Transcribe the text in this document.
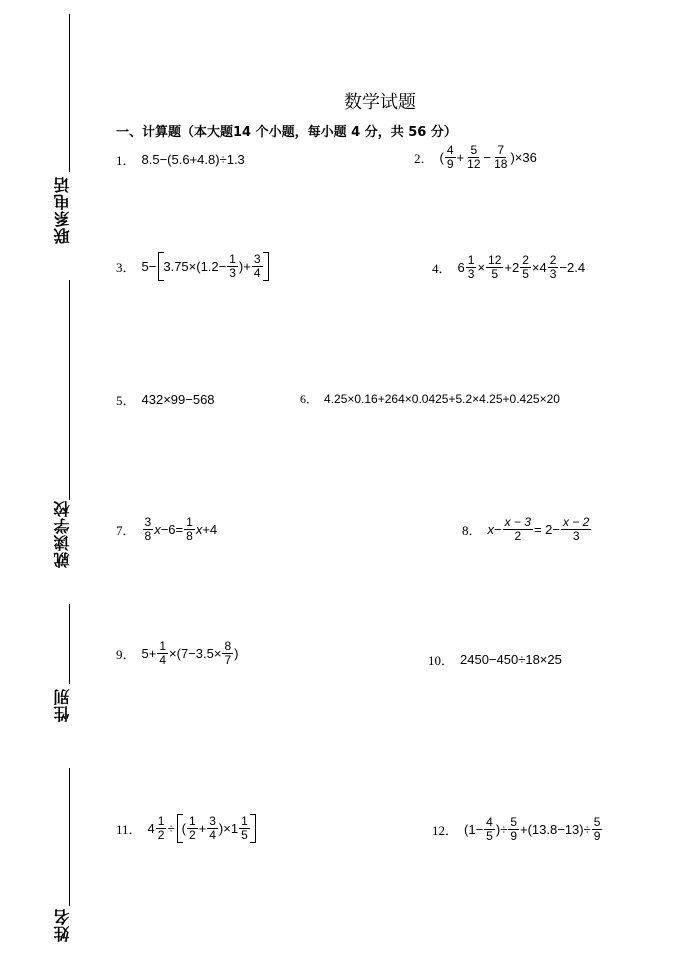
联系电话
就读学校
性别
姓名
数学试题
一、计算题（本大题14 个小题，每小题 4 分，共 56 分）
1． 8.5−(5.6+4.8)÷1.3	2． ( $\frac{4}{9} + \frac{5}{12} - \frac{7}{18}$ ) ×36
3． $5- 3.75\times(1.2- \frac{1}{3}$ )+ $\frac{3}{4}$	4． $6 \frac{1}{3} \times \frac{12}{5} +2 \frac{2}{5} \times 4 \frac{2}{3} -2.4$
5． 432×99−568	6． 4.25×0.16+264×0.0425+5.2×4.25+0.425×20
7． $\frac{3}{8}$ $x -6= \frac{1}{8}$ x +4	8． $x - \frac{x - 3}{2} = 2- \frac{x - 2}{3}$
9． $5+ \frac{1}{4} \times(7-3.5\times \frac{8}{7}$ )	10． 2450−450÷18×25
11． $4 \frac{1}{2}$ ÷ ( $\frac{1}{2} + \frac{3}{4} )\times 1 \frac{1}{5}$	12． ($1- \frac{4}{5}$ )÷ $\frac{5}{9} +(13.8-13)\div \frac{5}{9}$
